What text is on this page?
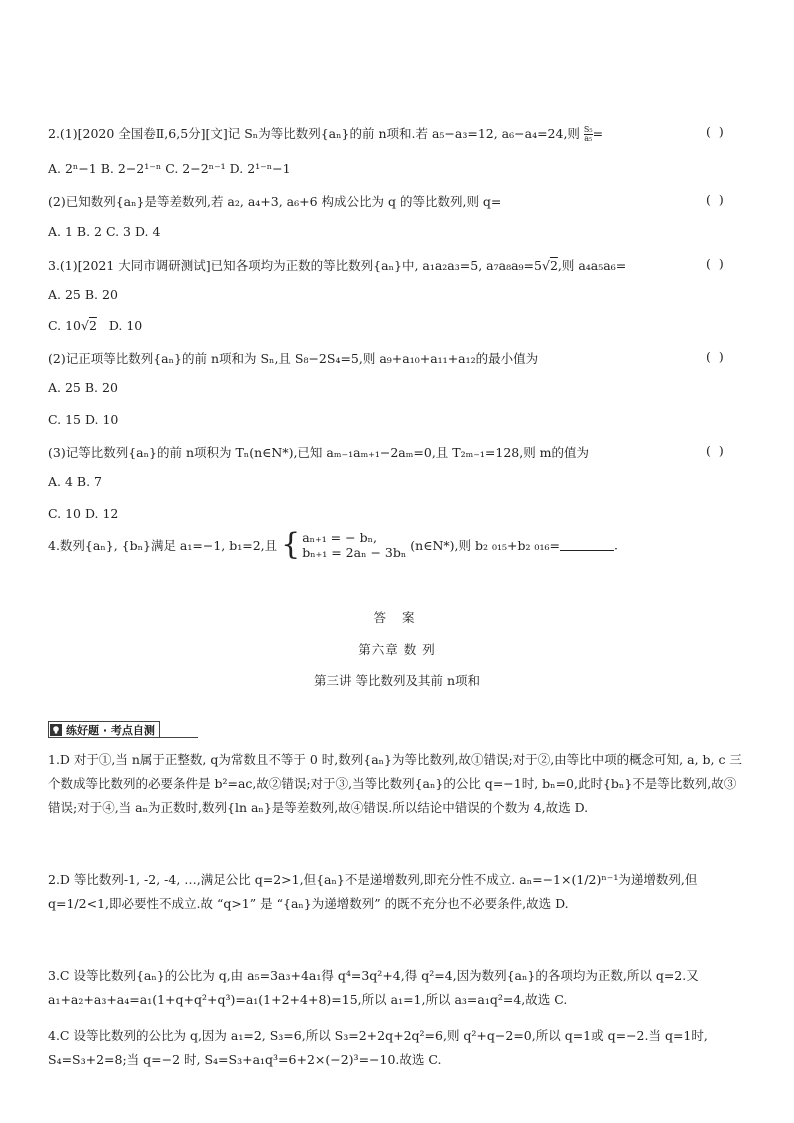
2.(1)[2020 全国卷Ⅱ,6,5分][文]记 Sₙ为等比数列{aₙ}的前 n项和.若 a₅−a₃=12, a₆−a₄=24,则 $\frac{\text{S₅}}{\text{a₅}}$ =	( )
A. 2ⁿ−1 B. 2−2¹⁻ⁿ C. 2−2ⁿ⁻¹ D. 2¹⁻ⁿ−1
(2)已知数列{aₙ}是等差数列,若 a₂, a₄+3, a₆+6 构成公比为 q 的等比数列,则 q=	( )
A. 1 B. 2 C. 3 D. 4
3.(1)[2021 大同市调研测试]已知各项均为正数的等比数列{aₙ}中, a₁a₂a₃=5, a₇a₈a₉=5√2,则 a₄a₅a₆=	( )
A. 25 B. 20
C. 10√2   D. 10
(2)记正项等比数列{aₙ}的前 n项和为 Sₙ,且 S₈−2S₄=5,则 a₉+a₁₀+a₁₁+a₁₂的最小值为	( )
A. 25 B. 20
C. 15 D. 10
(3)记等比数列{aₙ}的前 n项积为 Tₙ(n∈N*),已知 aₘ₋₁aₘ₊₁−2aₘ=0,且 T₂ₘ₋₁=128,则 m的值为	( )
A. 4 B. 7
C. 10 D. 12
4.数列{aₙ}, {bₙ}满足 a₁=−1, b₁=2,且 { aₙ₊₁ = − bₙ,
bₙ₊₁ = 2aₙ − 3bₙ (n∈N*),则 b₂ ₀₁₅+b₂ ₀₁₆=	.
答 案
第六章 数 列
第三讲 等比数列及其前 n项和
练好题 · 考点自测
1.D 对于①,当 n属于正整数, q为常数且不等于 0 时,数列{aₙ}为等比数列,故①错误;对于②,由等比中项的概念可知, a, b, c 三个数成等比数列的必要条件是 b²=ac,故②错误;对于③,当等比数列{aₙ}的公比 q=−1时, bₙ=0,此时{bₙ}不是等比数列,故③错误;对于④,当 aₙ为正数时,数列{ln aₙ}是等差数列,故④错误.所以结论中错误的个数为 4,故选 D.
2.D 等比数列-1, -2, -4, …,满足公比 q=2>1,但{aₙ}不是递增数列,即充分性不成立. aₙ=−1×(1/2)ⁿ⁻¹为递增数列,但 q=1/2<1,即必要性不成立.故 “q>1” 是 “{aₙ}为递增数列” 的既不充分也不必要条件,故选 D.
3.C 设等比数列{aₙ}的公比为 q,由 a₅=3a₃+4a₁得 q⁴=3q²+4,得 q²=4,因为数列{aₙ}的各项均为正数,所以 q=2.又 a₁+a₂+a₃+a₄=a₁(1+q+q²+q³)=a₁(1+2+4+8)=15,所以 a₁=1,所以 a₃=a₁q²=4,故选 C.
4.C 设等比数列的公比为 q,因为 a₁=2, S₃=6,所以 S₃=2+2q+2q²=6,则 q²+q−2=0,所以 q=1或 q=−2.当 q=1时, S₄=S₃+2=8;当 q=−2 时, S₄=S₃+a₁q³=6+2×(−2)³=−10.故选 C.
